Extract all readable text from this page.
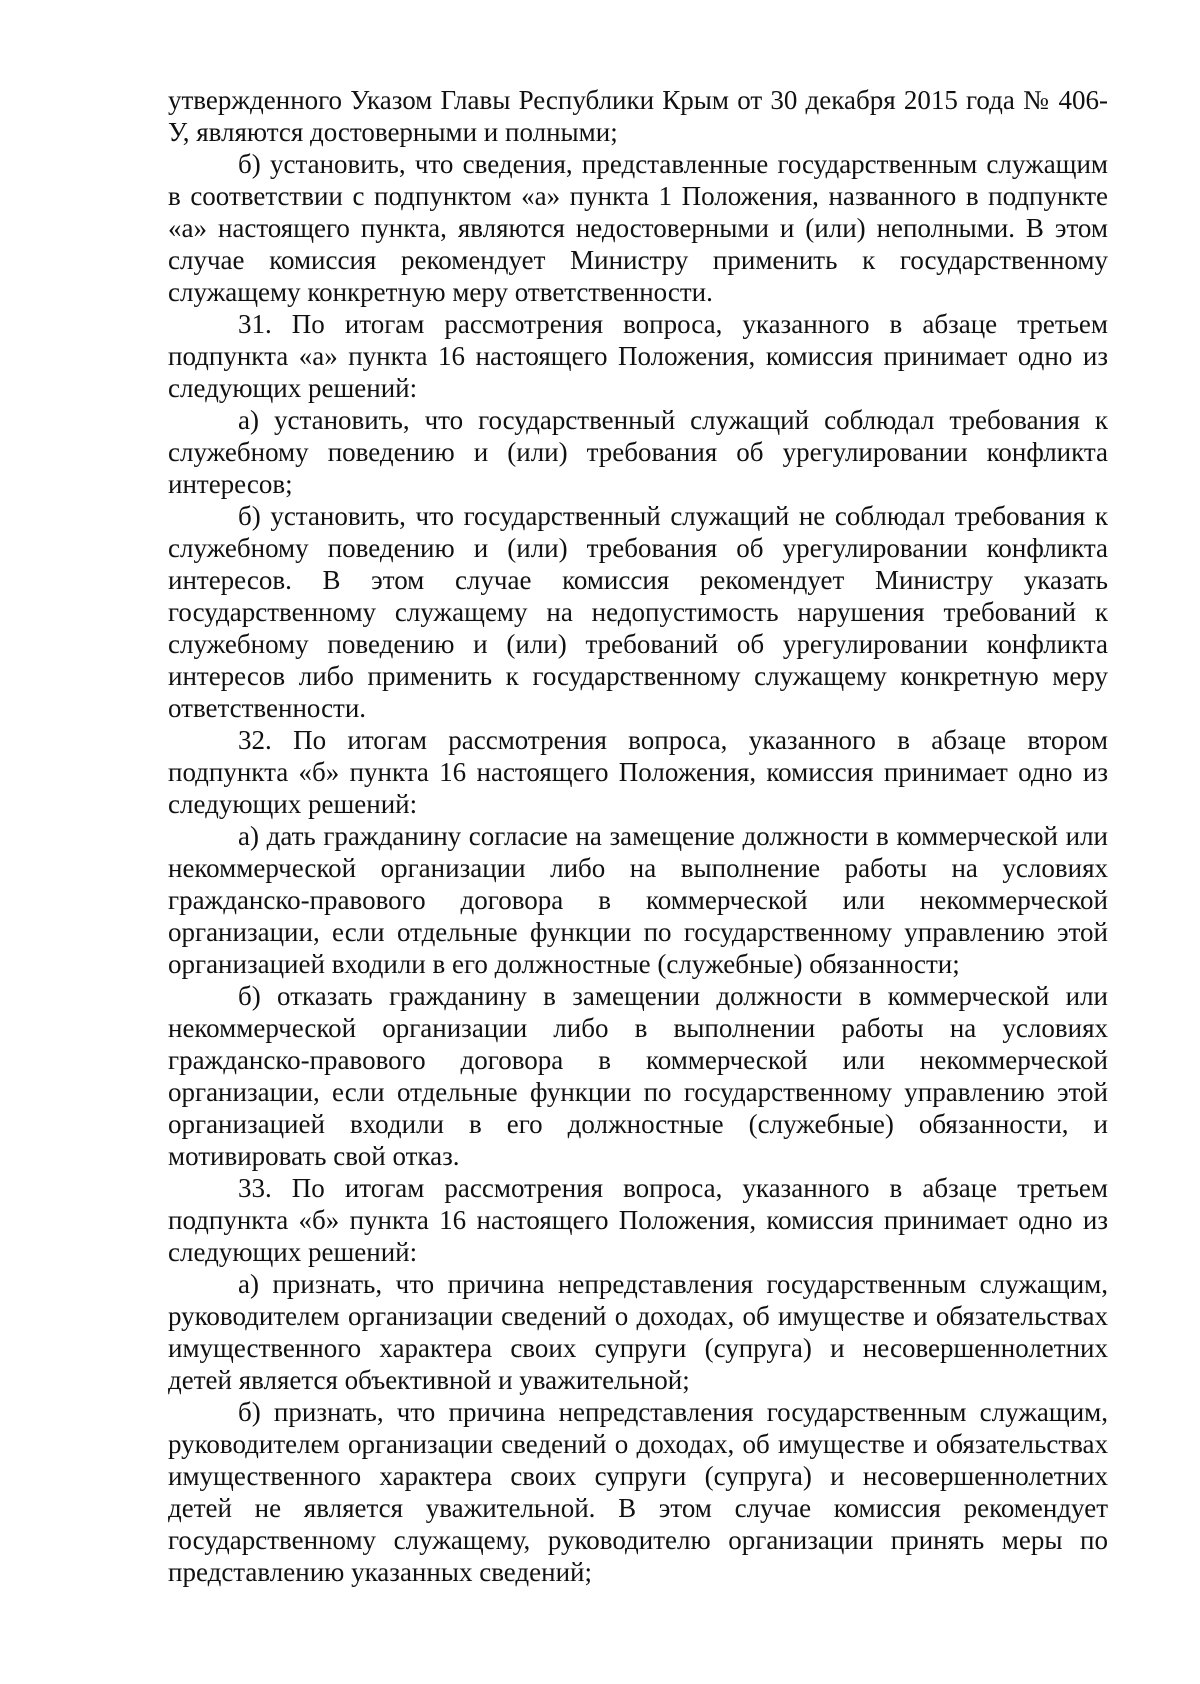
утвержденного Указом Главы Республики Крым от 30 декабря 2015 года № 406-У, являются достоверными и полными;

б) установить, что сведения, представленные государственным служащим в соответствии с подпунктом «а» пункта 1 Положения, названного в подпункте «а» настоящего пункта, являются недостоверными и (или) неполными. В этом случае комиссия рекомендует Министру применить к государственному служащему конкретную меру ответственности.

31. По итогам рассмотрения вопроса, указанного в абзаце третьем подпункта «а» пункта 16 настоящего Положения, комиссия принимает одно из следующих решений:

а) установить, что государственный служащий соблюдал требования к служебному поведению и (или) требования об урегулировании конфликта интересов;

б) установить, что государственный служащий не соблюдал требования к служебному поведению и (или) требования об урегулировании конфликта интересов. В этом случае комиссия рекомендует Министру указать государственному служащему на недопустимость нарушения требований к служебному поведению и (или) требований об урегулировании конфликта интересов либо применить к государственному служащему конкретную меру ответственности.

32. По итогам рассмотрения вопроса, указанного в абзаце втором подпункта «б» пункта 16 настоящего Положения, комиссия принимает одно из следующих решений:

а) дать гражданину согласие на замещение должности в коммерческой или некоммерческой организации либо на выполнение работы на условиях гражданско-правового договора в коммерческой или некоммерческой организации, если отдельные функции по государственному управлению этой организацией входили в его должностные (служебные) обязанности;

б) отказать гражданину в замещении должности в коммерческой или некоммерческой организации либо в выполнении работы на условиях гражданско-правового договора в коммерческой или некоммерческой организации, если отдельные функции по государственному управлению этой организацией входили в его должностные (служебные) обязанности, и мотивировать свой отказ.

33. По итогам рассмотрения вопроса, указанного в абзаце третьем подпункта «б» пункта 16 настоящего Положения, комиссия принимает одно из следующих решений:

а) признать, что причина непредставления государственным служащим, руководителем организации сведений о доходах, об имуществе и обязательствах имущественного характера своих супруги (супруга) и несовершеннолетних детей является объективной и уважительной;

б) признать, что причина непредставления государственным служащим, руководителем организации сведений о доходах, об имуществе и обязательствах имущественного характера своих супруги (супруга) и несовершеннолетних детей не является уважительной. В этом случае комиссия рекомендует государственному служащему, руководителю организации принять меры по представлению указанных сведений;
